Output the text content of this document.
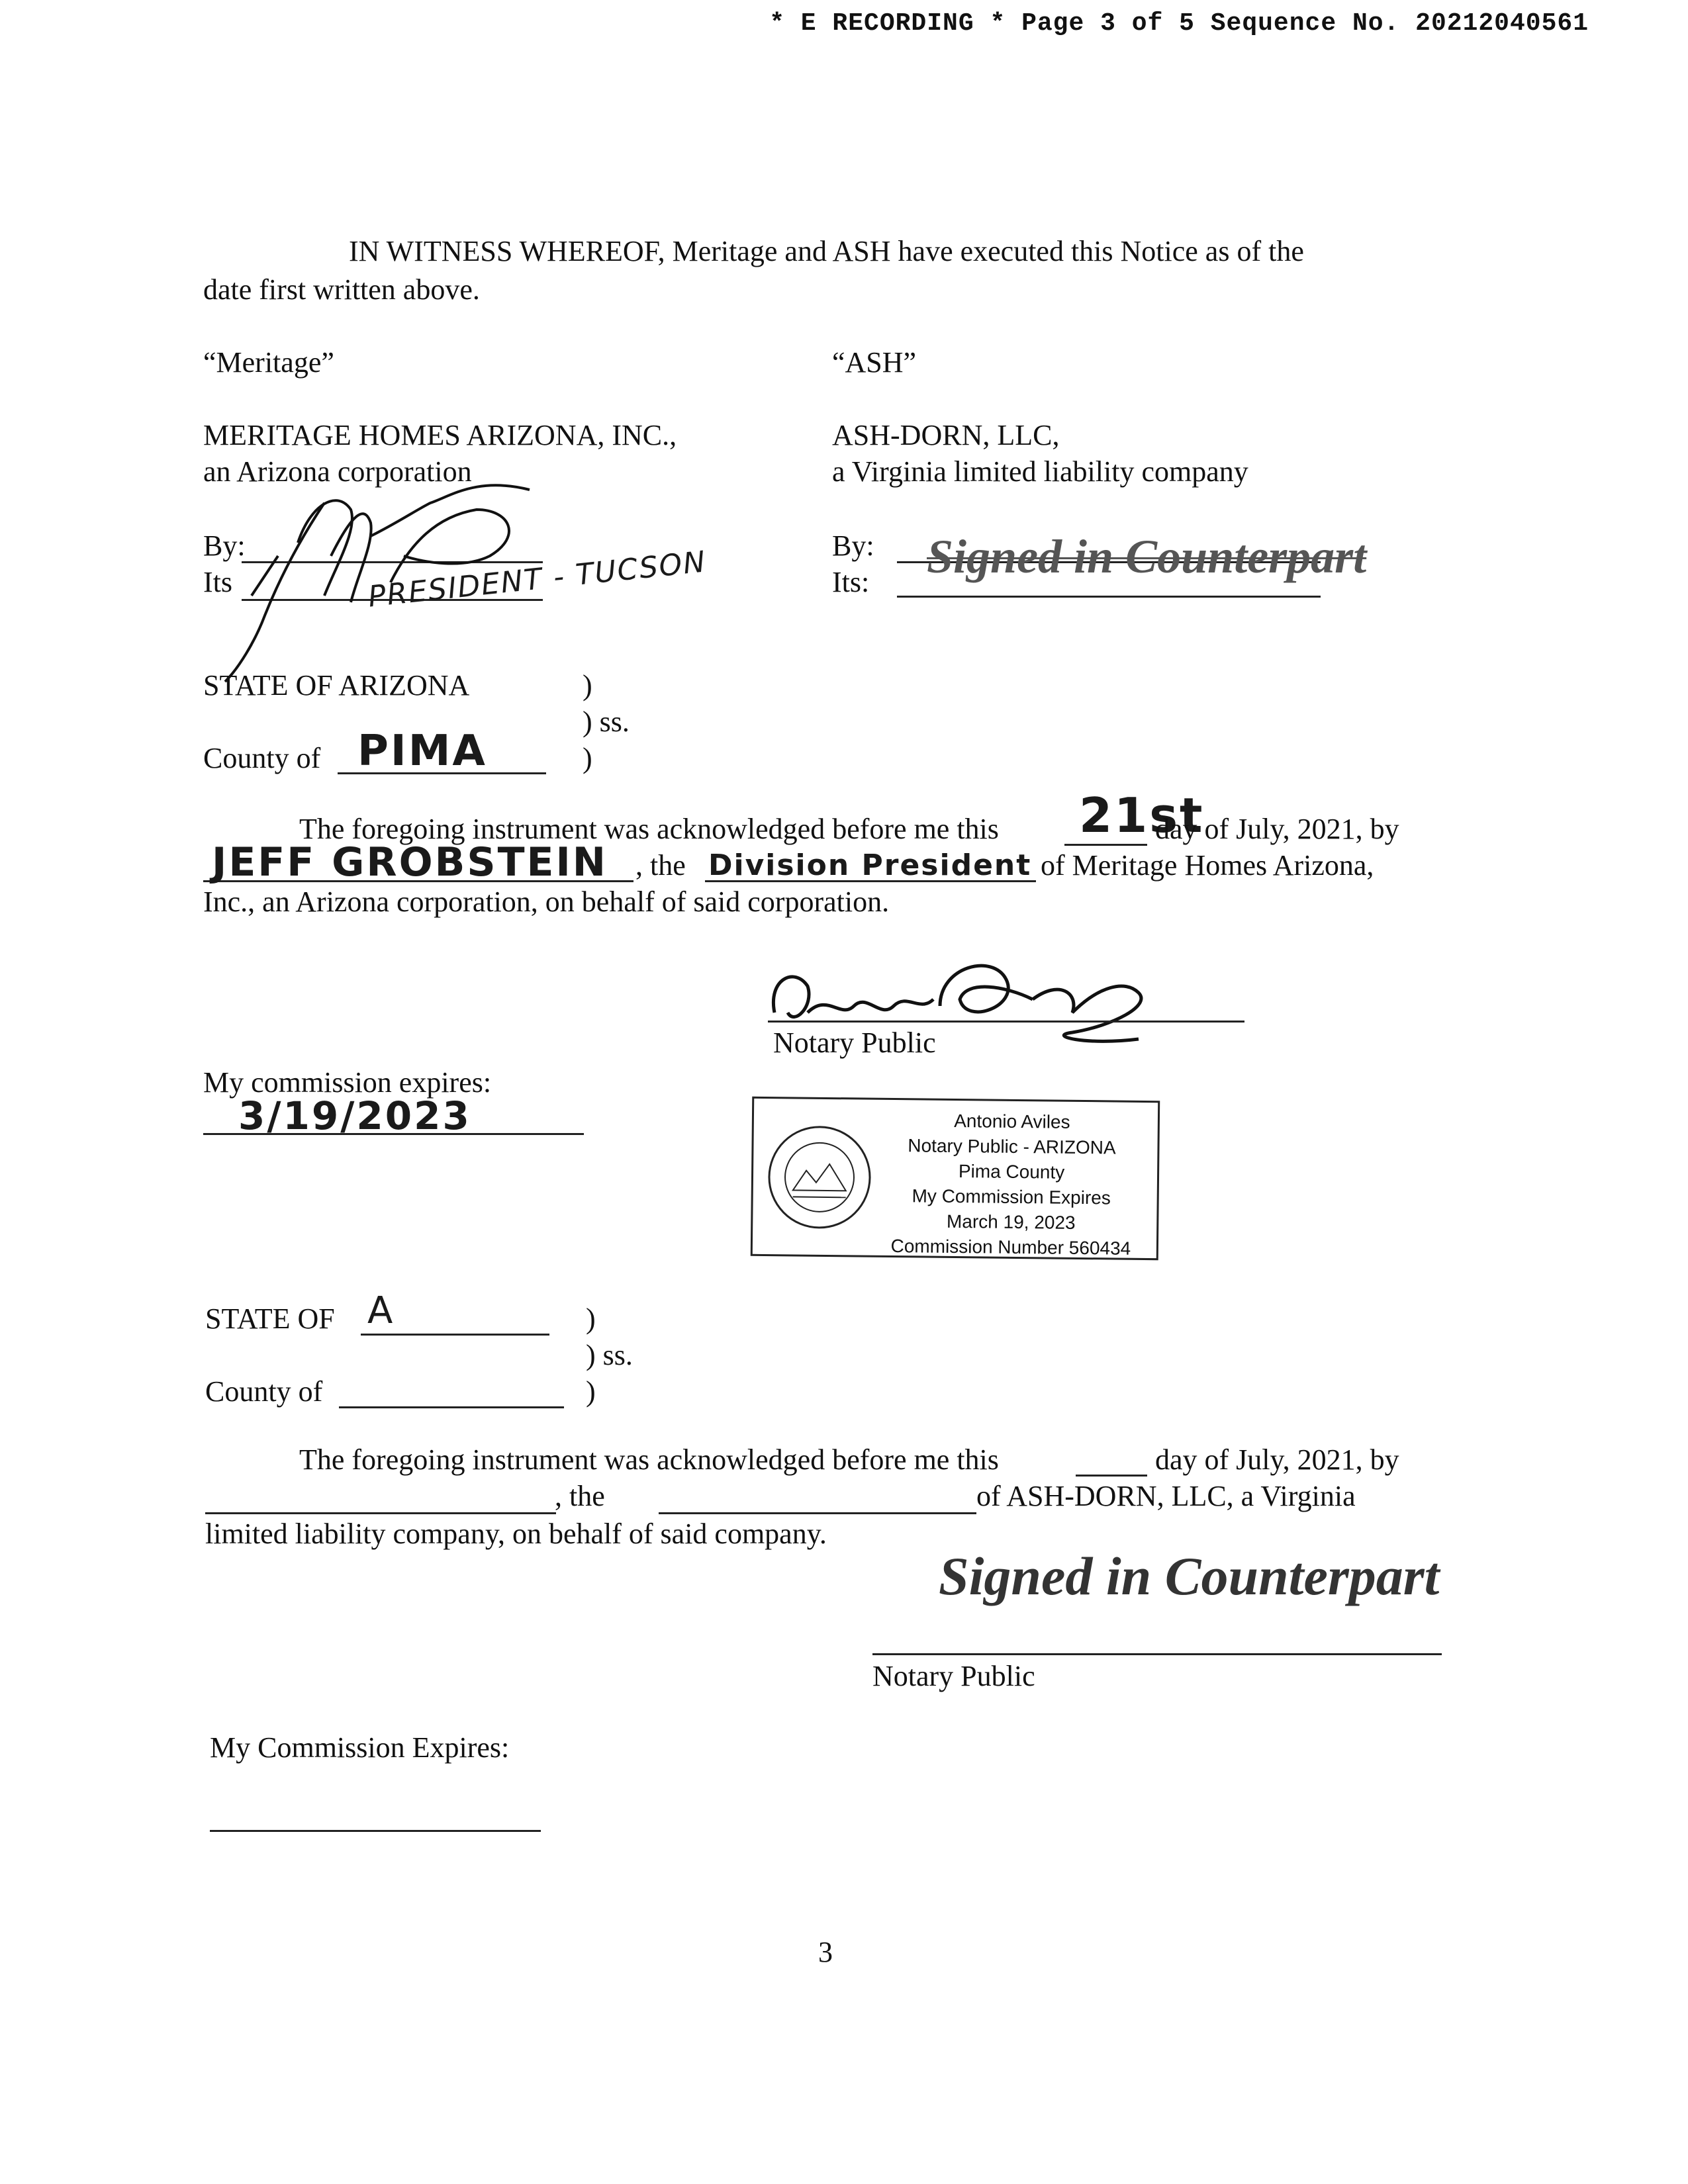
* E RECORDING * Page 3 of 5 Sequence No. 20212040561
IN WITNESS WHEREOF, Meritage and ASH have executed this Notice as of the
date first written above.
“Meritage”
MERITAGE HOMES ARIZONA, INC.,
an Arizona corporation
By:
Its	PRESIDENT - TUCSON
“ASH”
ASH-DORN, LLC,
a Virginia limited liability company
By:
Its: Signed in Counterpart
STATE OF ARIZONA	)
) ss.
County of PIMA	)
The foregoing instrument was acknowledged before me this 21st
day of July, 2021, by
JEFF GROBSTEIN , the Division President of Meritage Homes Arizona,
Inc., an Arizona corporation, on behalf of said corporation.
Notary Public
My commission expires:
3/19/2023	Antonio Aviles
Notary Public - ARIZONA
Pima County
My Commission Expires
March 19, 2023
Commission Number 560434
STATE OF A	)
) ss.
County of	)
The foregoing instrument was acknowledged before me this	day of July, 2021, by
, the	of ASH-DORN, LLC, a Virginia
limited liability company, on behalf of said company.
Signed in Counterpart
Notary Public
My Commission Expires:
3
